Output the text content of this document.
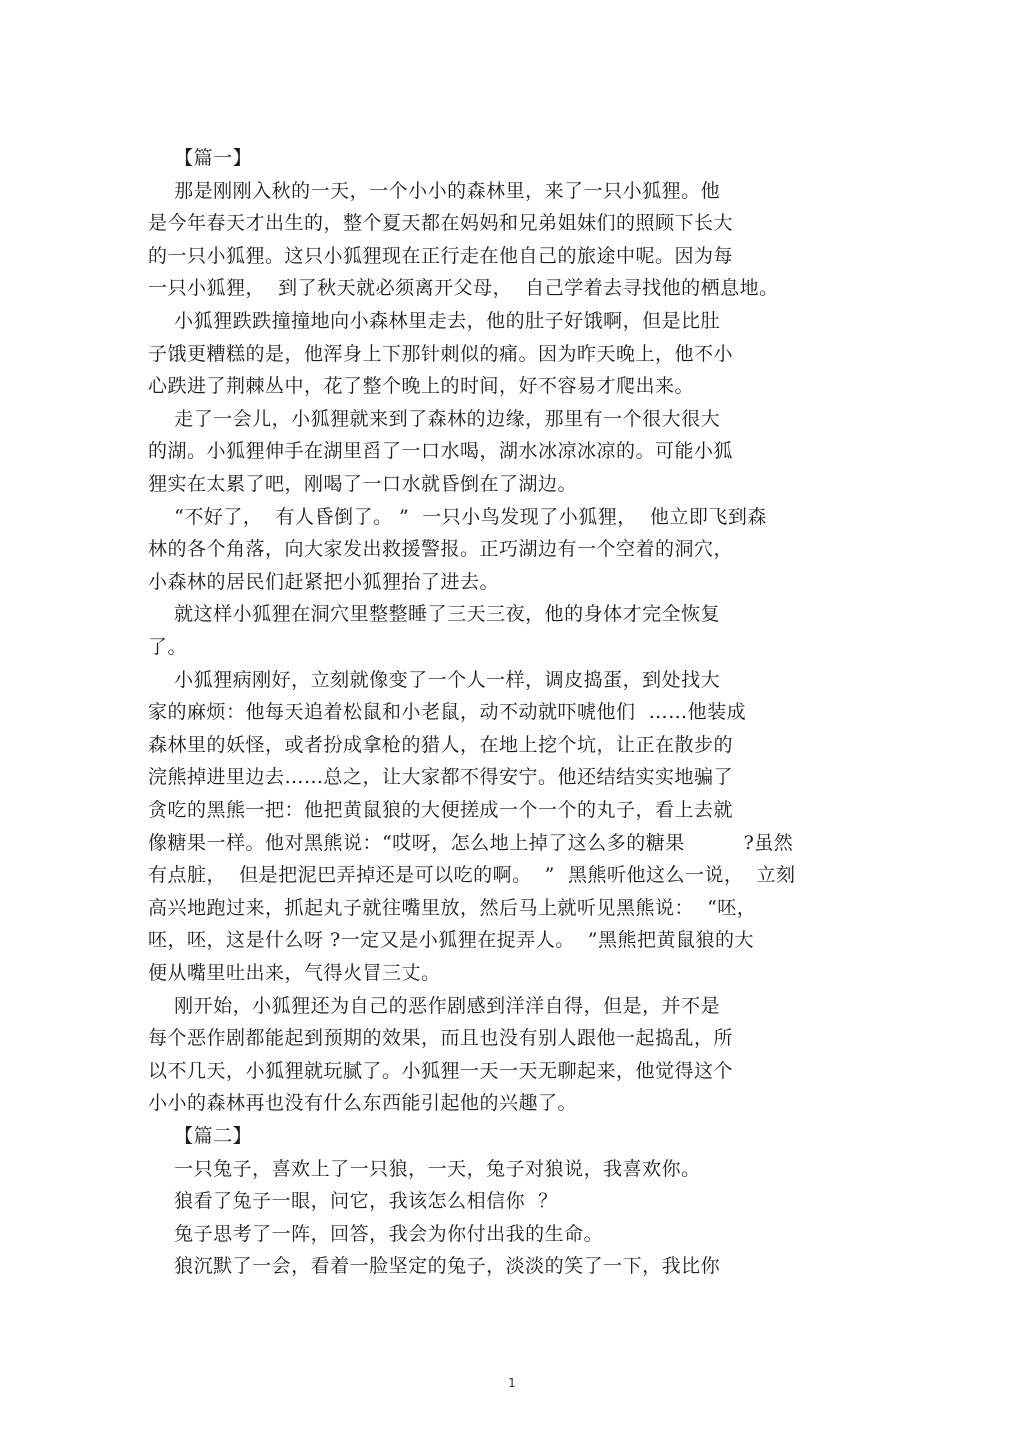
【篇一】
那是刚刚入秋的一天，一个小小的森林里，来了一只小狐狸。他
是今年春天才出生的，整个夏天都在妈妈和兄弟姐妹们的照顾下长大
的一只小狐狸。这只小狐狸现在正行走在他自己的旅途中呢。因为每
一只小狐狸，  到了秋天就必须离开父母，  自己学着去寻找他的栖息地。
小狐狸跌跌撞撞地向小森林里走去，他的肚子好饿啊，但是比肚
子饿更糟糕的是，他浑身上下那针刺似的痛。因为昨天晚上，他不小
心跌进了荆棘丛中，花了整个晚上的时间，好不容易才爬出来。
走了一会儿，小狐狸就来到了森林的边缘，那里有一个很大很大
的湖。小狐狸伸手在湖里舀了一口水喝，湖水冰凉冰凉的。可能小狐
狸实在太累了吧，刚喝了一口水就昏倒在了湖边。
“不好了，  有人昏倒了。 ”  一只小鸟发现了小狐狸，  他立即飞到森
林的各个角落，向大家发出救援警报。正巧湖边有一个空着的洞穴，
小森林的居民们赶紧把小狐狸抬了进去。
就这样小狐狸在洞穴里整整睡了三天三夜，他的身体才完全恢复
了。
小狐狸病刚好，立刻就像变了一个人一样，调皮捣蛋，到处找大
家的麻烦：他每天追着松鼠和小老鼠，动不动就吓唬他们  ……他装成
森林里的妖怪，或者扮成拿枪的猎人，在地上挖个坑，让正在散步的
浣熊掉进里边去……总之，让大家都不得安宁。他还结结实实地骗了
贪吃的黑熊一把：他把黄鼠狼的大便搓成一个一个的丸子，看上去就
像糖果一样。他对黑熊说：“哎呀，怎么地上掉了这么多的糖果         ?虽然
有点脏，  但是把泥巴弄掉还是可以吃的啊。  ”  黑熊听他这么一说，  立刻
高兴地跑过来，抓起丸子就往嘴里放，然后马上就听见黑熊说：  “呸，
呸，呸，这是什么呀 ?一定又是小狐狸在捉弄人。  ”黑熊把黄鼠狼的大
便从嘴里吐出来，气得火冒三丈。
刚开始，小狐狸还为自己的恶作剧感到洋洋自得，但是，并不是
每个恶作剧都能起到预期的效果，而且也没有别人跟他一起捣乱，所
以不几天，小狐狸就玩腻了。小狐狸一天一天无聊起来，他觉得这个
小小的森林再也没有什么东西能引起他的兴趣了。
【篇二】
一只兔子，喜欢上了一只狼，一天，兔子对狼说，我喜欢你。
狼看了兔子一眼，问它，我该怎么相信你  ？
兔子思考了一阵，回答，我会为你付出我的生命。
狼沉默了一会，看着一脸坚定的兔子，淡淡的笑了一下，我比你
1
